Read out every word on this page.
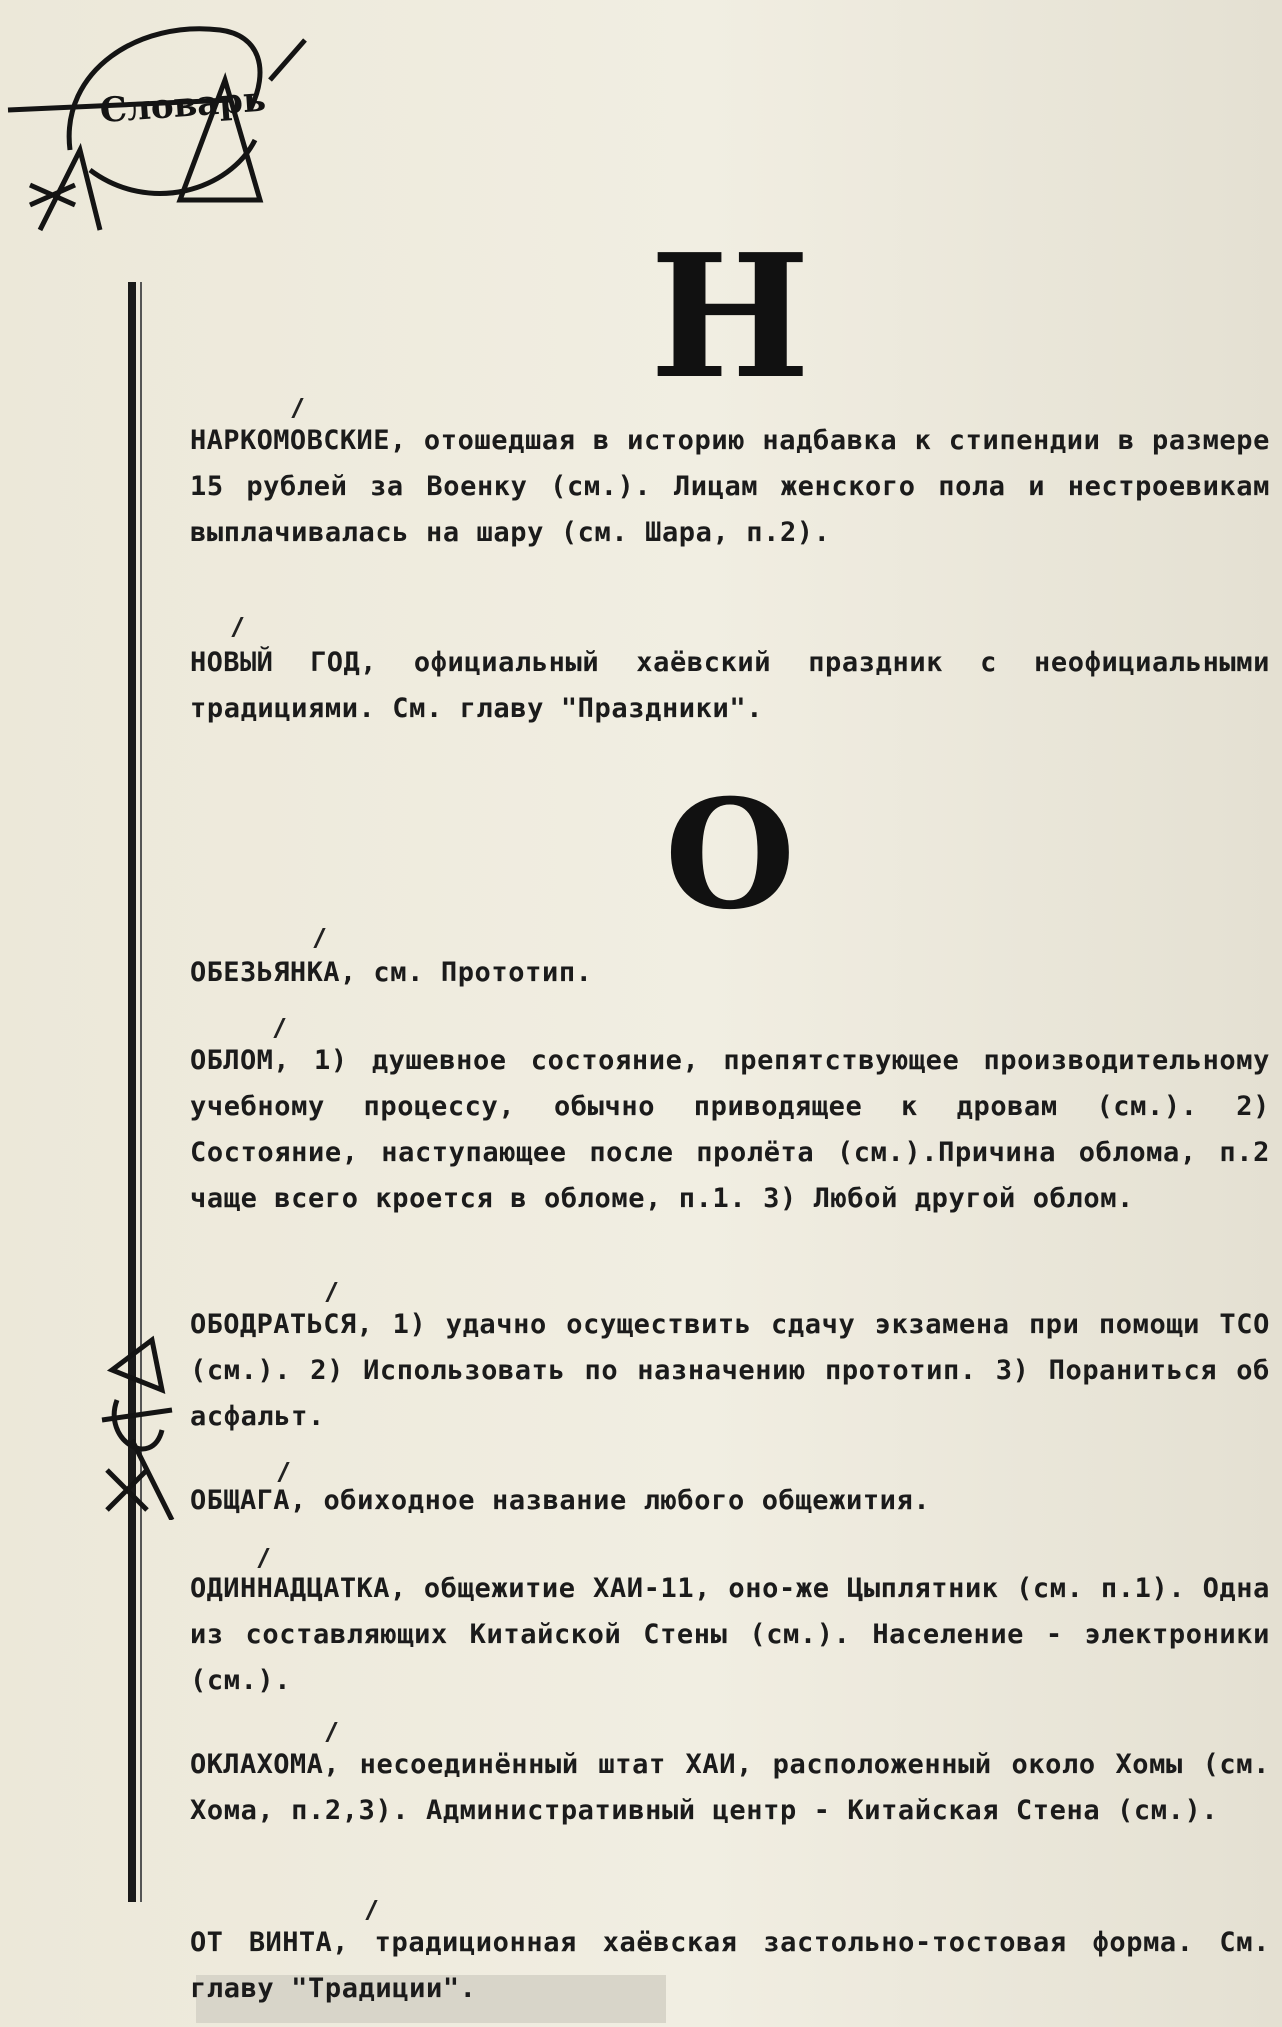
Словарь
ХАИ	Н
О
НАРКОМОВСКИЕ, отошедшая в историю надбавка к стипендии в размере 15 рублей за Военку (см.). Лицам женского пола и нестроевикам выплачивалась на шару (см. Шара, п.2).
НОВЫЙ ГОД, официальный хаёвский праздник с неофициальными традициями. См. главу "Праздники".
ОБЕЗЬЯНКА, см. Прототип.
ОБЛОМ, 1) душевное состояние, препятствующее производительному учебному процессу, обычно приводящее к дровам (см.). 2) Состояние, наступающее после пролёта (см.).Причина облома, п.2 чаще всего кроется в обломе, п.1. 3) Любой другой облом.
ОБОДРАТЬСЯ, 1) удачно осуществить сдачу экзамена при помощи ТСО (см.). 2) Использовать по назначению прототип. 3) Пораниться об асфальт.
ОБЩАГА, обиходное название любого общежития.
ОДИННАДЦАТКА, общежитие ХАИ-11, оно-же Цыплятник (см. п.1). Одна из составляющих Китайской Стены (см.). Население - электроники (см.).
ОКЛАХОМА, несоединённый штат ХАИ, расположенный около Хомы (см. Хома, п.2,3). Административный центр - Китайская Стена (см.).
ОТ ВИНТА, традиционная хаёвская застольно-тостовая форма. См. главу "Традиции".
